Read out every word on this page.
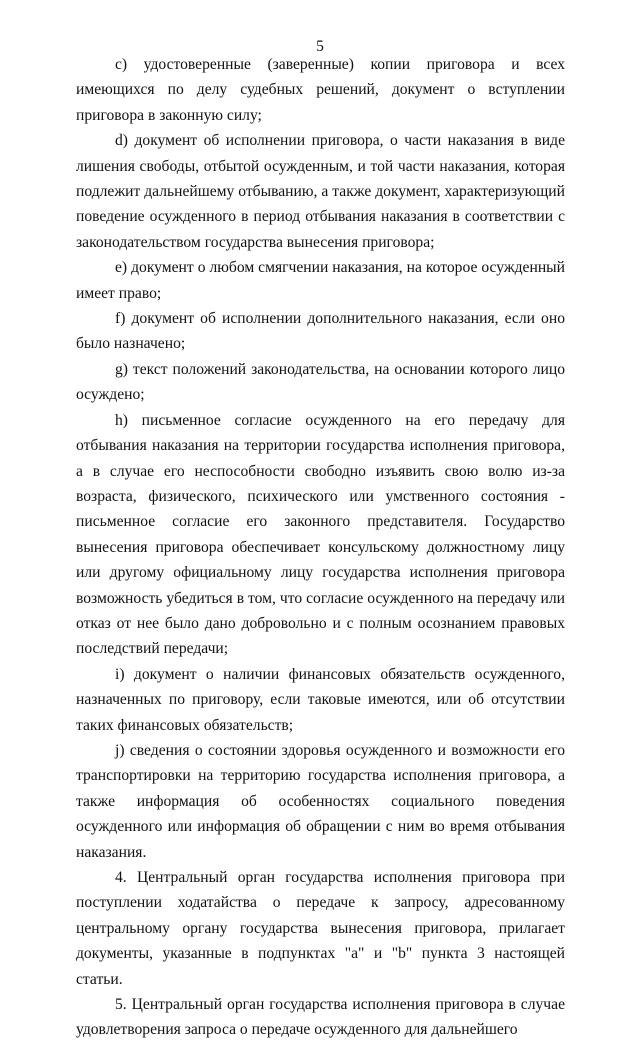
5

c) удостоверенные (заверенные) копии приговора и всех имеющихся по делу судебных решений, документ о вступлении приговора в законную силу;

d) документ об исполнении приговора, о части наказания в виде лишения свободы, отбытой осужденным, и той части наказания, которая подлежит дальнейшему отбыванию, а также документ, характеризующий поведение осужденного в период отбывания наказания в соответствии с законодательством государства вынесения приговора;

e) документ о любом смягчении наказания, на которое осужденный имеет право;

f) документ об исполнении дополнительного наказания, если оно было назначено;

g) текст положений законодательства, на основании которого лицо осуждено;

h) письменное согласие осужденного на его передачу для отбывания наказания на территории государства исполнения приговора, а в случае его неспособности свободно изъявить свою волю из-за возраста, физического, психического или умственного состояния - письменное согласие его законного представителя. Государство вынесения приговора обеспечивает консульскому должностному лицу или другому официальному лицу государства исполнения приговора возможность убедиться в том, что согласие осужденного на передачу или отказ от нее было дано добровольно и с полным осознанием правовых последствий передачи;

i) документ о наличии финансовых обязательств осужденного, назначенных по приговору, если таковые имеются, или об отсутствии таких финансовых обязательств;

j) сведения о состоянии здоровья осужденного и возможности его транспортировки на территорию государства исполнения приговора, а также информация об особенностях социального поведения осужденного или информация об обращении с ним во время отбывания наказания.

4. Центральный орган государства исполнения приговора при поступлении ходатайства о передаче к запросу, адресованному центральному органу государства вынесения приговора, прилагает документы, указанные в подпунктах "a" и "b" пункта 3 настоящей статьи.

5. Центральный орган государства исполнения приговора в случае удовлетворения запроса о передаче осужденного для дальнейшего
